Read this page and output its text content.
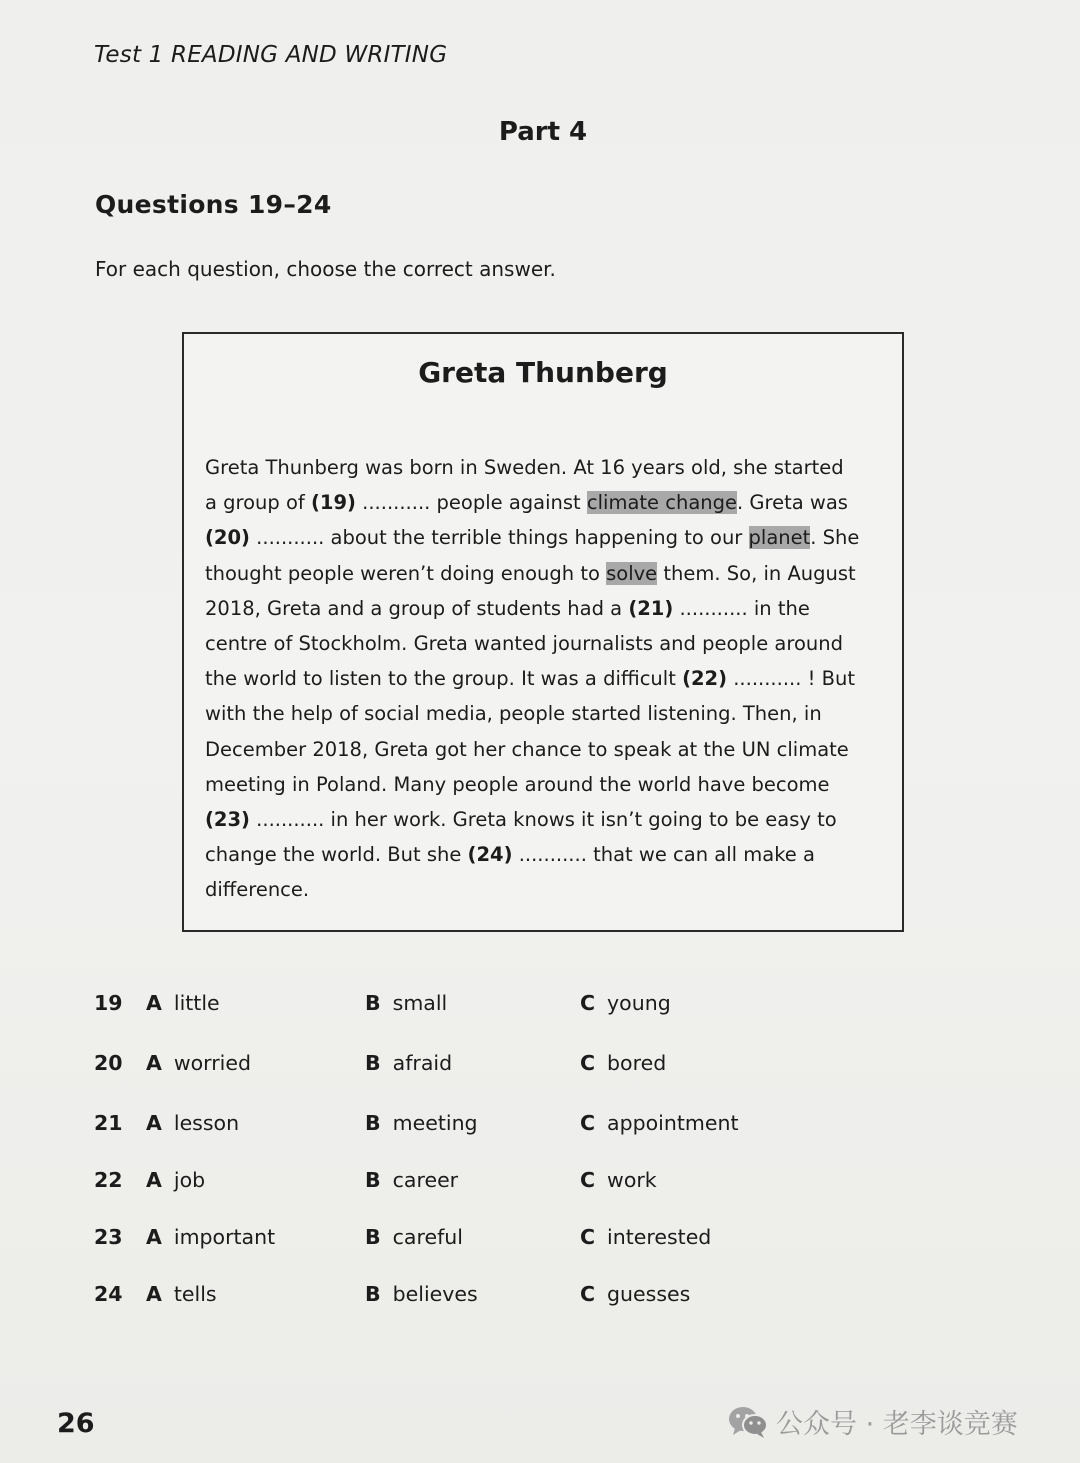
Test 1 READING AND WRITING
Part 4
Questions 19–24
For each question, choose the correct answer.
Greta Thunberg
Greta Thunberg was born in Sweden. At 16 years old, she started
a group of (19) ........... people against climate change. Greta was
(20) ........... about the terrible things happening to our planet. She
thought people weren’t doing enough to solve them. So, in August
2018, Greta and a group of students had a (21) ........... in the
centre of Stockholm. Greta wanted journalists and people around
the world to listen to the group. It was a difficult (22) ........... ! But
with the help of social media, people started listening. Then, in
December 2018, Greta got her chance to speak at the UN climate
meeting in Poland. Many people around the world have become
(23) ........... in her work. Greta knows it isn’t going to be easy to
change the world. But she (24) ........... that we can all make a
difference.
19 A little	B small	C young
20 A worried	B afraid	C bored
21 A lesson	B meeting	C appointment
22 A job	B career	C work
23 A important	B careful	C interested
24 A tells	B believes	C guesses
26	公众号 · 老李谈竞赛
